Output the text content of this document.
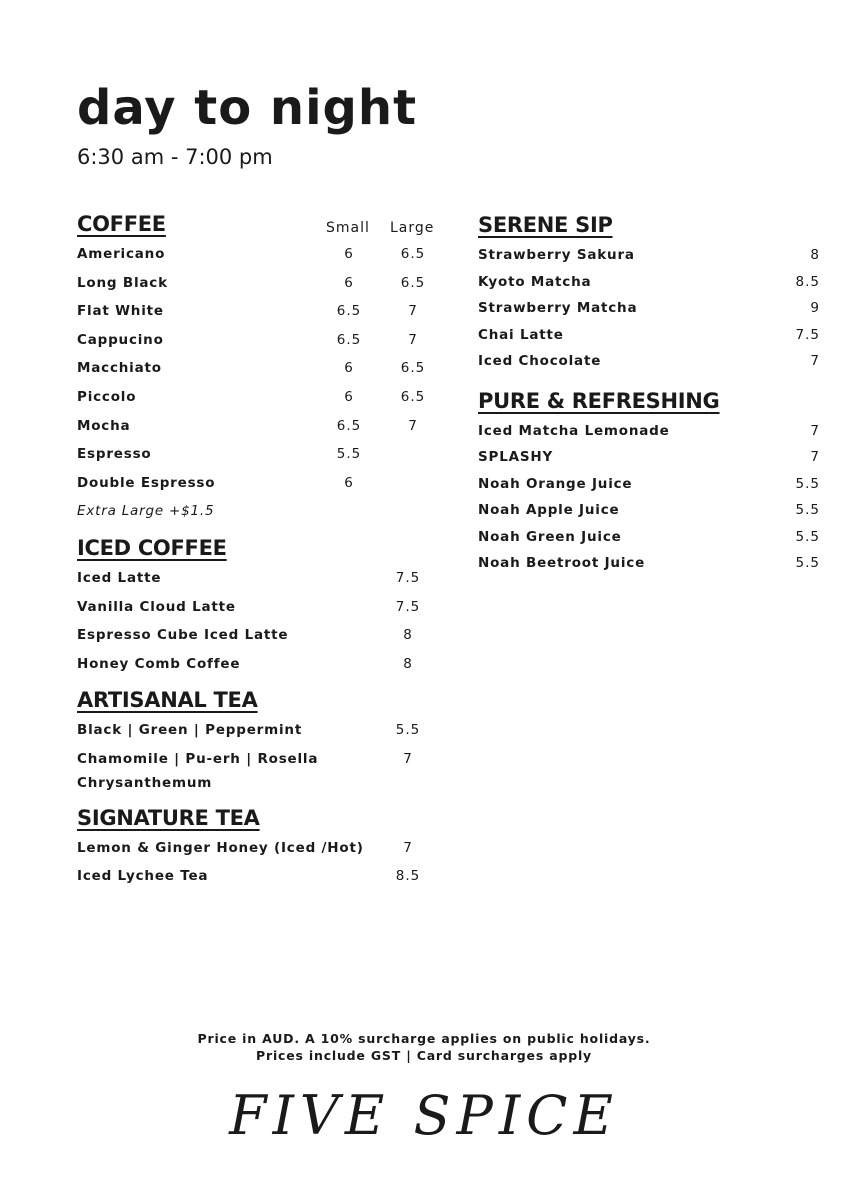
day to night
6:30 am - 7:00 pm
COFFEE	Small Large
Americano	6	6.5
Long Black	6	6.5
Flat White	6.5	7
Cappucino	6.5	7
Macchiato	6	6.5
Piccolo	6	6.5
Mocha	6.5	7
Espresso	5.5
Double Espresso	6
Extra Large +$1.5
ICED COFFEE
Iced Latte	7.5
Vanilla Cloud Latte	7.5
Espresso Cube Iced Latte	8
Honey Comb Coffee	8
ARTISANAL TEA
Black | Green | Peppermint	5.5
Chamomile | Pu-erh | Rosella	7
Chrysanthemum
SIGNATURE TEA
Lemon & Ginger Honey (Iced /Hot)	7
Iced Lychee Tea	8.5
SERENE SIP
Strawberry Sakura	8
Kyoto Matcha	8.5
Strawberry Matcha	9
Chai Latte	7.5
Iced Chocolate	7
PURE & REFRESHING
Iced Matcha Lemonade	7
SPLASHY	7
Noah Orange Juice	5.5
Noah Apple Juice	5.5
Noah Green Juice	5.5
Noah Beetroot Juice	5.5
Price in AUD. A 10% surcharge applies on public holidays.
Prices include GST | Card surcharges apply
FIVE SPICE
